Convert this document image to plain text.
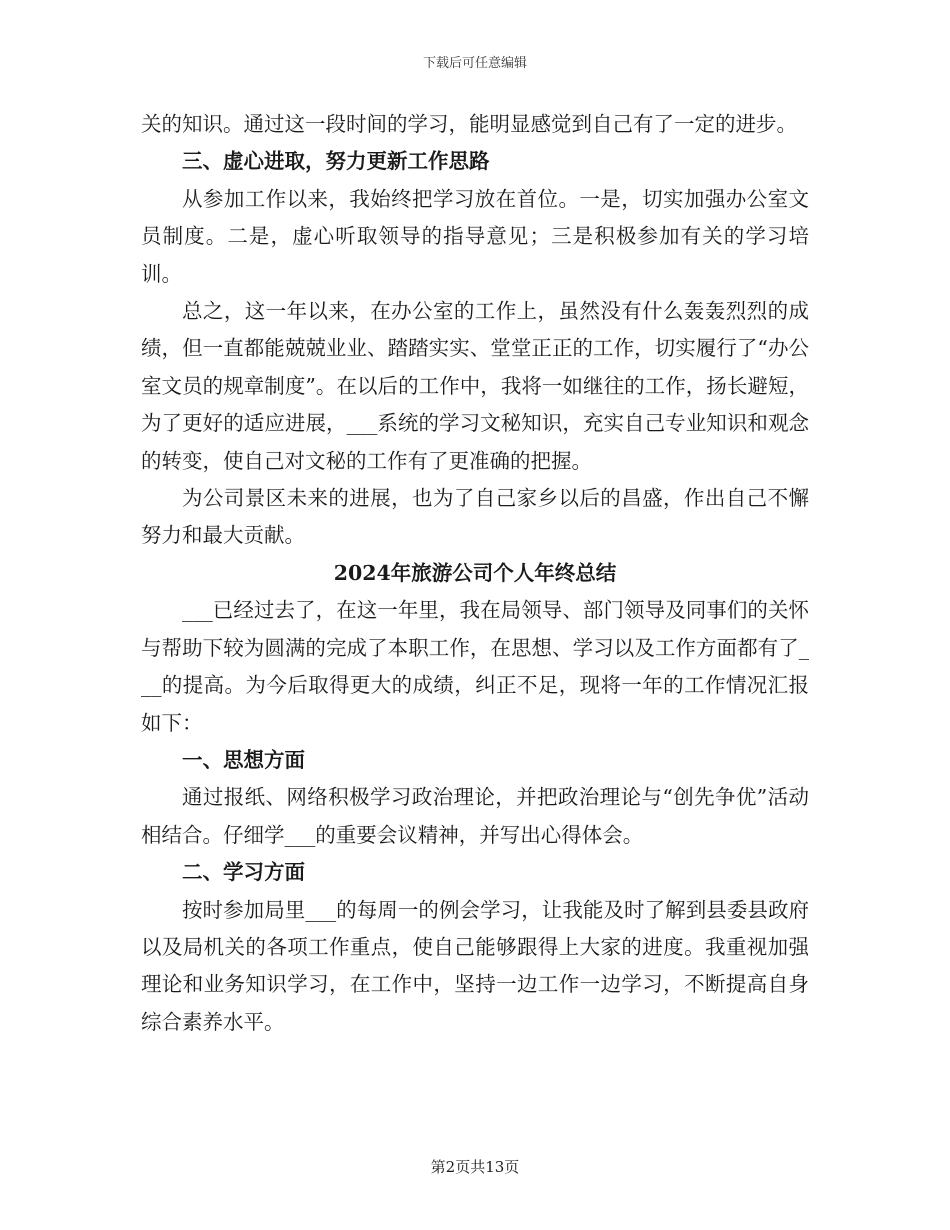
下载后可任意编辑

关的知识。通过这一段时间的学习，能明显感觉到自己有了一定的进步。

三、虚心进取，努力更新工作思路

从参加工作以来，我始终把学习放在首位。一是，切实加强办公室文员制度。二是，虚心听取领导的指导意见；三是积极参加有关的学习培训。

总之，这一年以来，在办公室的工作上，虽然没有什么轰轰烈烈的成绩，但一直都能兢兢业业、踏踏实实、堂堂正正的工作，切实履行了“办公室文员的规章制度”。在以后的工作中，我将一如继往的工作，扬长避短，为了更好的适应进展，___系统的学习文秘知识，充实自己专业知识和观念的转变，使自己对文秘的工作有了更准确的把握。

为公司景区未来的进展，也为了自己家乡以后的昌盛，作出自己不懈努力和最大贡献。

2024年旅游公司个人年终总结

___已经过去了，在这一年里，我在局领导、部门领导及同事们的关怀与帮助下较为圆满的完成了本职工作，在思想、学习以及工作方面都有了___的提高。为今后取得更大的成绩，纠正不足，现将一年的工作情况汇报如下：

一、思想方面

通过报纸、网络积极学习政治理论，并把政治理论与“创先争优”活动相结合。仔细学___的重要会议精神，并写出心得体会。

二、学习方面

按时参加局里___的每周一的例会学习，让我能及时了解到县委县政府以及局机关的各项工作重点，使自己能够跟得上大家的进度。我重视加强理论和业务知识学习，在工作中，坚持一边工作一边学习，不断提高自身综合素养水平。

第2页共13页
